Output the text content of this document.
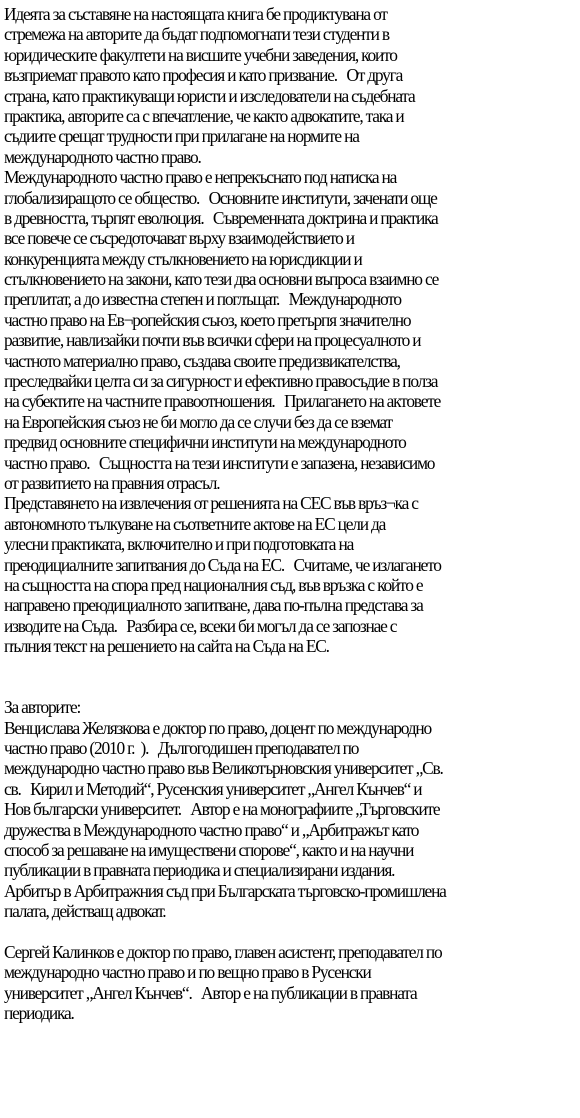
Идеята за съставяне на настоящата книга бе продиктувана от
стремежа на авторите да бъдат подпомогнати тези студенти в
юридическите факултети на висшите учебни заведения, които
възприемат правото като професия и като призвание.   От друга
страна, като практикуващи юристи и изследователи на съдебната
практика, авторите са с впечатление, че както адвокатите, така и
съдиите срещат трудности при прилагане на нормите на
международното частно право.
Международното частно право е непрекъснато под натиска на
глобализиращото се общество.   Основните институти, заченати още
в древността, търпят еволюция.   Съвременната доктрина и практика
все повече се съсредоточават върху взаимодействието и
конкуренцията между стълкновението на юрисдикции и
стълкновението на закони, като тези два основни въпроса взаимно се
преплитат, а до известна степен и поглъщат.   Международното
частно право на Ев¬ропейския съюз, което претърпя значително
развитие, навлизайки почти във всички сфери на процесуалното и
частното материално право, създава своите предизвикателства,
преследвайки целта си за сигурност и ефективно правосъдие в полза
на субектите на частните правоотношения.   Прилагането на актовете
на Европейския съюз не би могло да се случи без да се вземат
предвид основните специфични институти на международното
частно право.   Същността на тези институти е запазена, независимо
от развитието на правния отрасъл.
Представянето на извлечения от решенията на СЕС във връз¬ка с
автономното тълкуване на съответните актове на ЕС цели да
улесни практиката, включително и при подготовката на
преюдициалните запитвания до Съда на ЕС.   Считаме, че излагането
на същността на спора пред националния съд, във връзка с който е
направено преюдициалното запитване, дава по-пълна представа за
изводите на Съда.   Разбира се, всеки би могъл да се запознае с
пълния текст на решението на сайта на Съда на ЕС.
За авторите:
Венцислава Желязкова е доктор по право, доцент по международно
частно право (2010 г.  ).   Дългогодишен преподавател по
международно частно право във Великотърновския университет „Св.
св.   Кирил и Методий“, Русенския университет „Ангел Кънчев“ и
Нов български университет.   Автор е на монографиите „Търговските
дружества в Международното частно право“ и „Арбитражът като
способ за решаване на имуществени спорове“, както и на научни
публикации в правната периодика и специализирани издания.
Арбитър в Арбитражния съд при Българската търговско-промишлена
палата, действащ адвокат.
Сергей Калинков е доктор по право, главен асистент, преподавател по
международно частно право и по вещно право в Русенски
университет „Ангел Кънчев“.   Автор е на публикации в правната
периодика.
